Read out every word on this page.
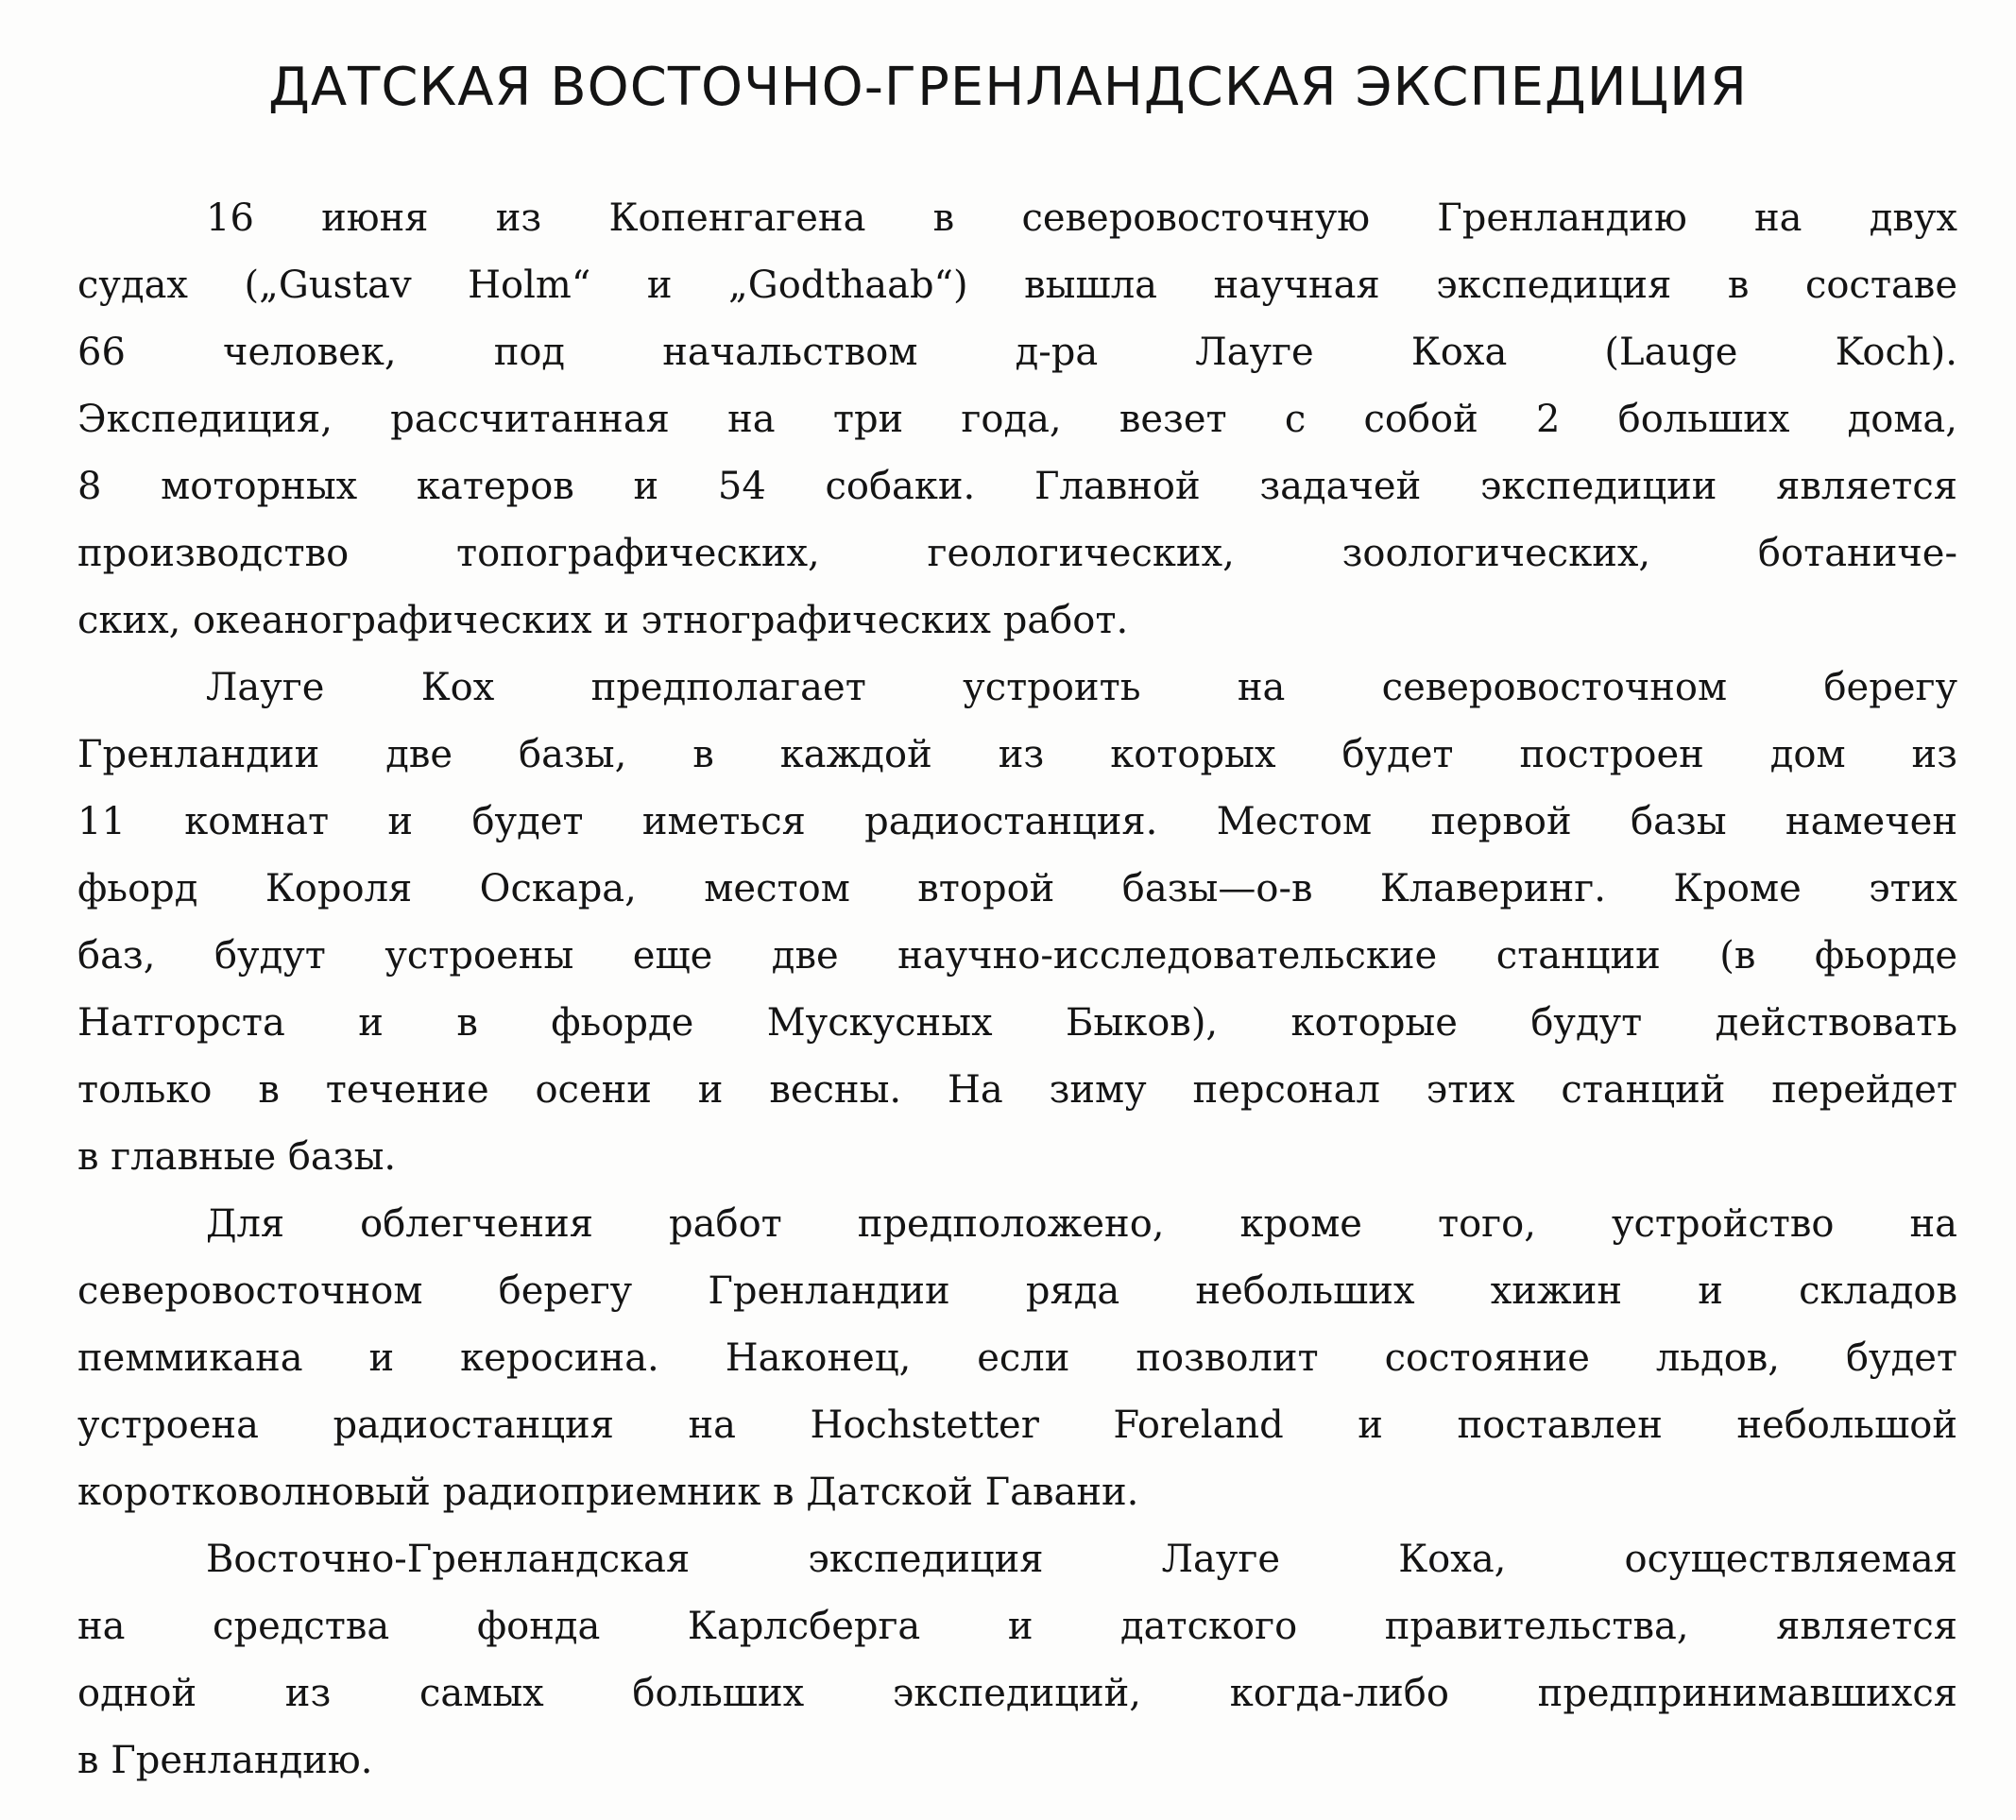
ДАТСКАЯ ВОСТОЧНО-ГРЕНЛАНДСКАЯ ЭКСПЕДИЦИЯ
16 июня из Копенгагена в северовосточную Гренландию на двух
судах („Gustav Holm“ и „Godthaab“) вышла научная экспедиция в составе
66 человек, под начальством д-ра Лауге Коха (Lauge Koch).
Экспедиция, рассчитанная на три года, везет с собой 2 больших дома,
8 моторных катеров и 54 собаки. Главной задачей экспедиции является
производство топографических, геологических, зоологических, ботаниче-
ских, океанографических и этнографических работ.
Лауге Кох предполагает устроить на северовосточном берегу
Гренландии две базы, в каждой из которых будет построен дом из
11 комнат и будет иметься радиостанция. Местом первой базы намечен
фьорд Короля Оскара, местом второй базы—о-в Клаверинг. Кроме этих
баз, будут устроены еще две научно-исследовательские станции (в фьорде
Натгорста и в фьорде Мускусных Быков), которые будут действовать
только в течение осени и весны. На зиму персонал этих станций перейдет
в главные базы.
Для облегчения работ предположено, кроме того, устройство на
северовосточном берегу Гренландии ряда небольших хижин и складов
пеммикана и керосина. Наконец, если позволит состояние льдов, будет
устроена радиостанция на Hochstetter Foreland и поставлен небольшой
коротковолновый радиоприемник в Датской Гавани.
Восточно-Гренландская экспедиция Лауге Коха, осуществляемая
на средства фонда Карлсберга и датского правительства, является
одной из самых больших экспедиций, когда-либо предпринимавшихся
в Гренландию.
